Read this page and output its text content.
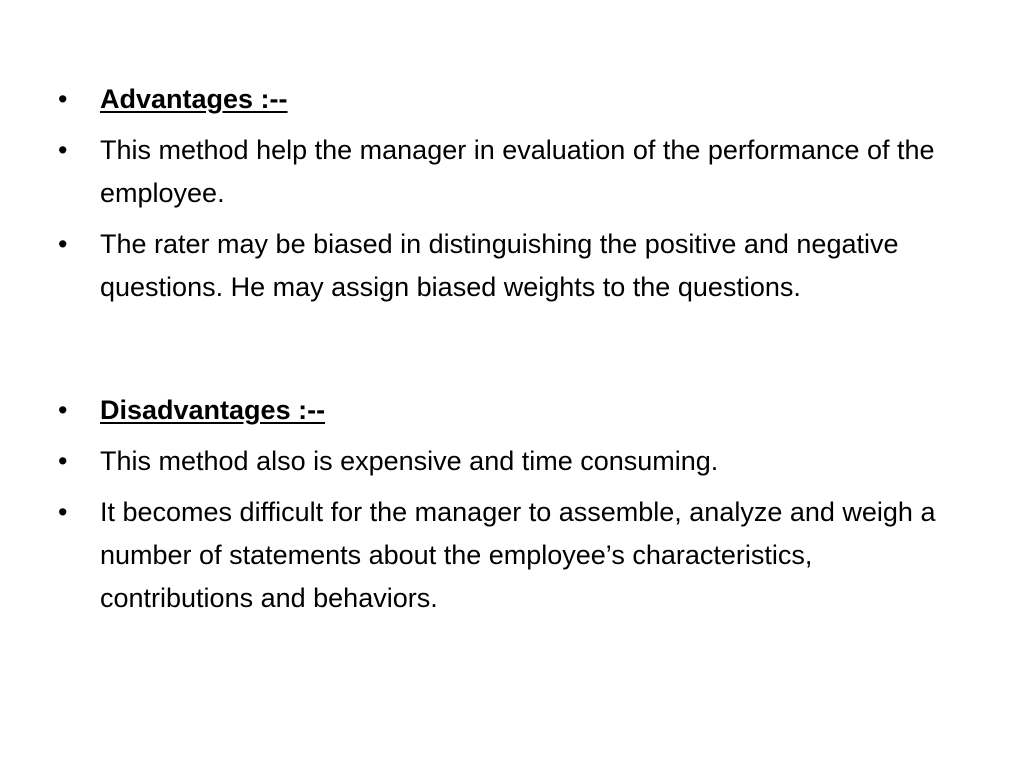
•	Advantages :--
•	This method help the manager in evaluation of the performance of the employee.
•	The rater may be biased in distinguishing the positive and negative questions. He may assign biased weights to the questions.
•	Disadvantages :--
•	This method also is expensive and time consuming.
•	It becomes difficult for the manager to assemble, analyze and weigh a number of statements about the employee’s characteristics, contributions and behaviors.
